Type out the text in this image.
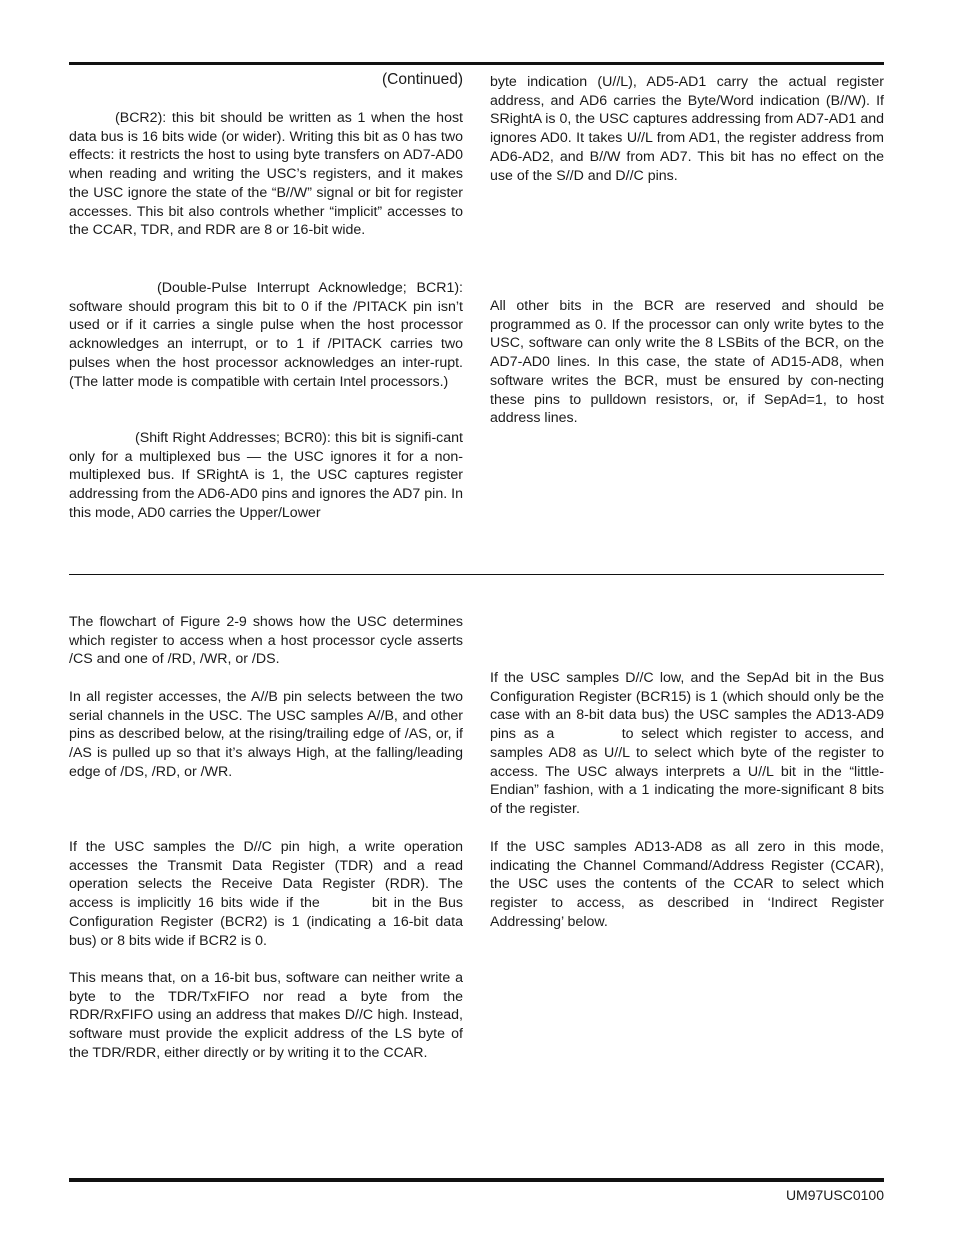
(Continued)

(BCR2): this bit should be written as 1 when the host data bus is 16 bits wide (or wider). Writing this bit as 0 has two effects: it restricts the host to using byte transfers on AD7-AD0 when reading and writing the USC’s registers, and it makes the USC ignore the state of the “B//W” signal or bit for register accesses. This bit also controls whether “implicit” accesses to the CCAR, TDR, and RDR are 8 or 16-bit wide.

(Double-Pulse Interrupt Acknowledge; BCR1): software should program this bit to 0 if the /PITACK pin isn’t used or if it carries a single pulse when the host processor acknowledges an interrupt, or to 1 if /PITACK carries two pulses when the host processor acknowledges an inter-rupt. (The latter mode is compatible with certain Intel processors.)

(Shift Right Addresses; BCR0): this bit is signifi-cant only for a multiplexed bus — the USC ignores it for a non-multiplexed bus. If SRightA is 1, the USC captures register addressing from the AD6-AD0 pins and ignores the AD7 pin. In this mode, AD0 carries the Upper/Lower

byte indication (U//L), AD5-AD1 carry the actual register address, and AD6 carries the Byte/Word indication (B//W). If SRightA is 0, the USC captures addressing from AD7-AD1 and ignores AD0. It takes U//L from AD1, the register address from AD6-AD2, and B//W from AD7. This bit has no effect on the use of the S//D and D//C pins.

All other bits in the BCR are reserved and should be programmed as 0. If the processor can only write bytes to the USC, software can only write the 8 LSBits of the BCR, on the AD7-AD0 lines. In this case, the state of AD15-AD8, when software writes the BCR, must be ensured by con-necting these pins to pulldown resistors, or, if SepAd=1, to host address lines.

The flowchart of Figure 2-9 shows how the USC determines which register to access when a host processor cycle asserts /CS and one of /RD, /WR, or /DS.

In all register accesses, the A//B pin selects between the two serial channels in the USC. The USC samples A//B, and other pins as described below, at the rising/trailing edge of /AS, or, if /AS is pulled up so that it’s always High, at the falling/leading edge of /DS, /RD, or /WR.

If the USC samples the D//C pin high, a write operation accesses the Transmit Data Register (TDR) and a read operation selects the Receive Data Register (RDR). The access is implicitly 16 bits wide if the	bit in the Bus Configuration Register (BCR2) is 1 (indicating a 16-bit data bus) or 8 bits wide if BCR2 is 0.

This means that, on a 16-bit bus, software can neither write a byte to the TDR/TxFIFO nor read a byte from the RDR/RxFIFO using an address that makes D//C high. Instead, software must provide the explicit address of the LS byte of the TDR/RDR, either directly or by writing it to the CCAR.

If the USC samples D//C low, and the SepAd bit in the Bus Configuration Register (BCR15) is 1 (which should only be the case with an 8-bit data bus) the USC samples the AD13-AD9 pins as a	to select which register to access, and samples AD8 as U//L to select which byte of the register to access. The USC always interprets a U//L bit in the “little-Endian” fashion, with a 1 indicating the more-significant 8 bits of the register.

If the USC samples AD13-AD8 as all zero in this mode, indicating the Channel Command/Address Register (CCAR), the USC uses the contents of the CCAR to select which register to access, as described in ‘Indirect Register Addressing’ below.

UM97USC0100
